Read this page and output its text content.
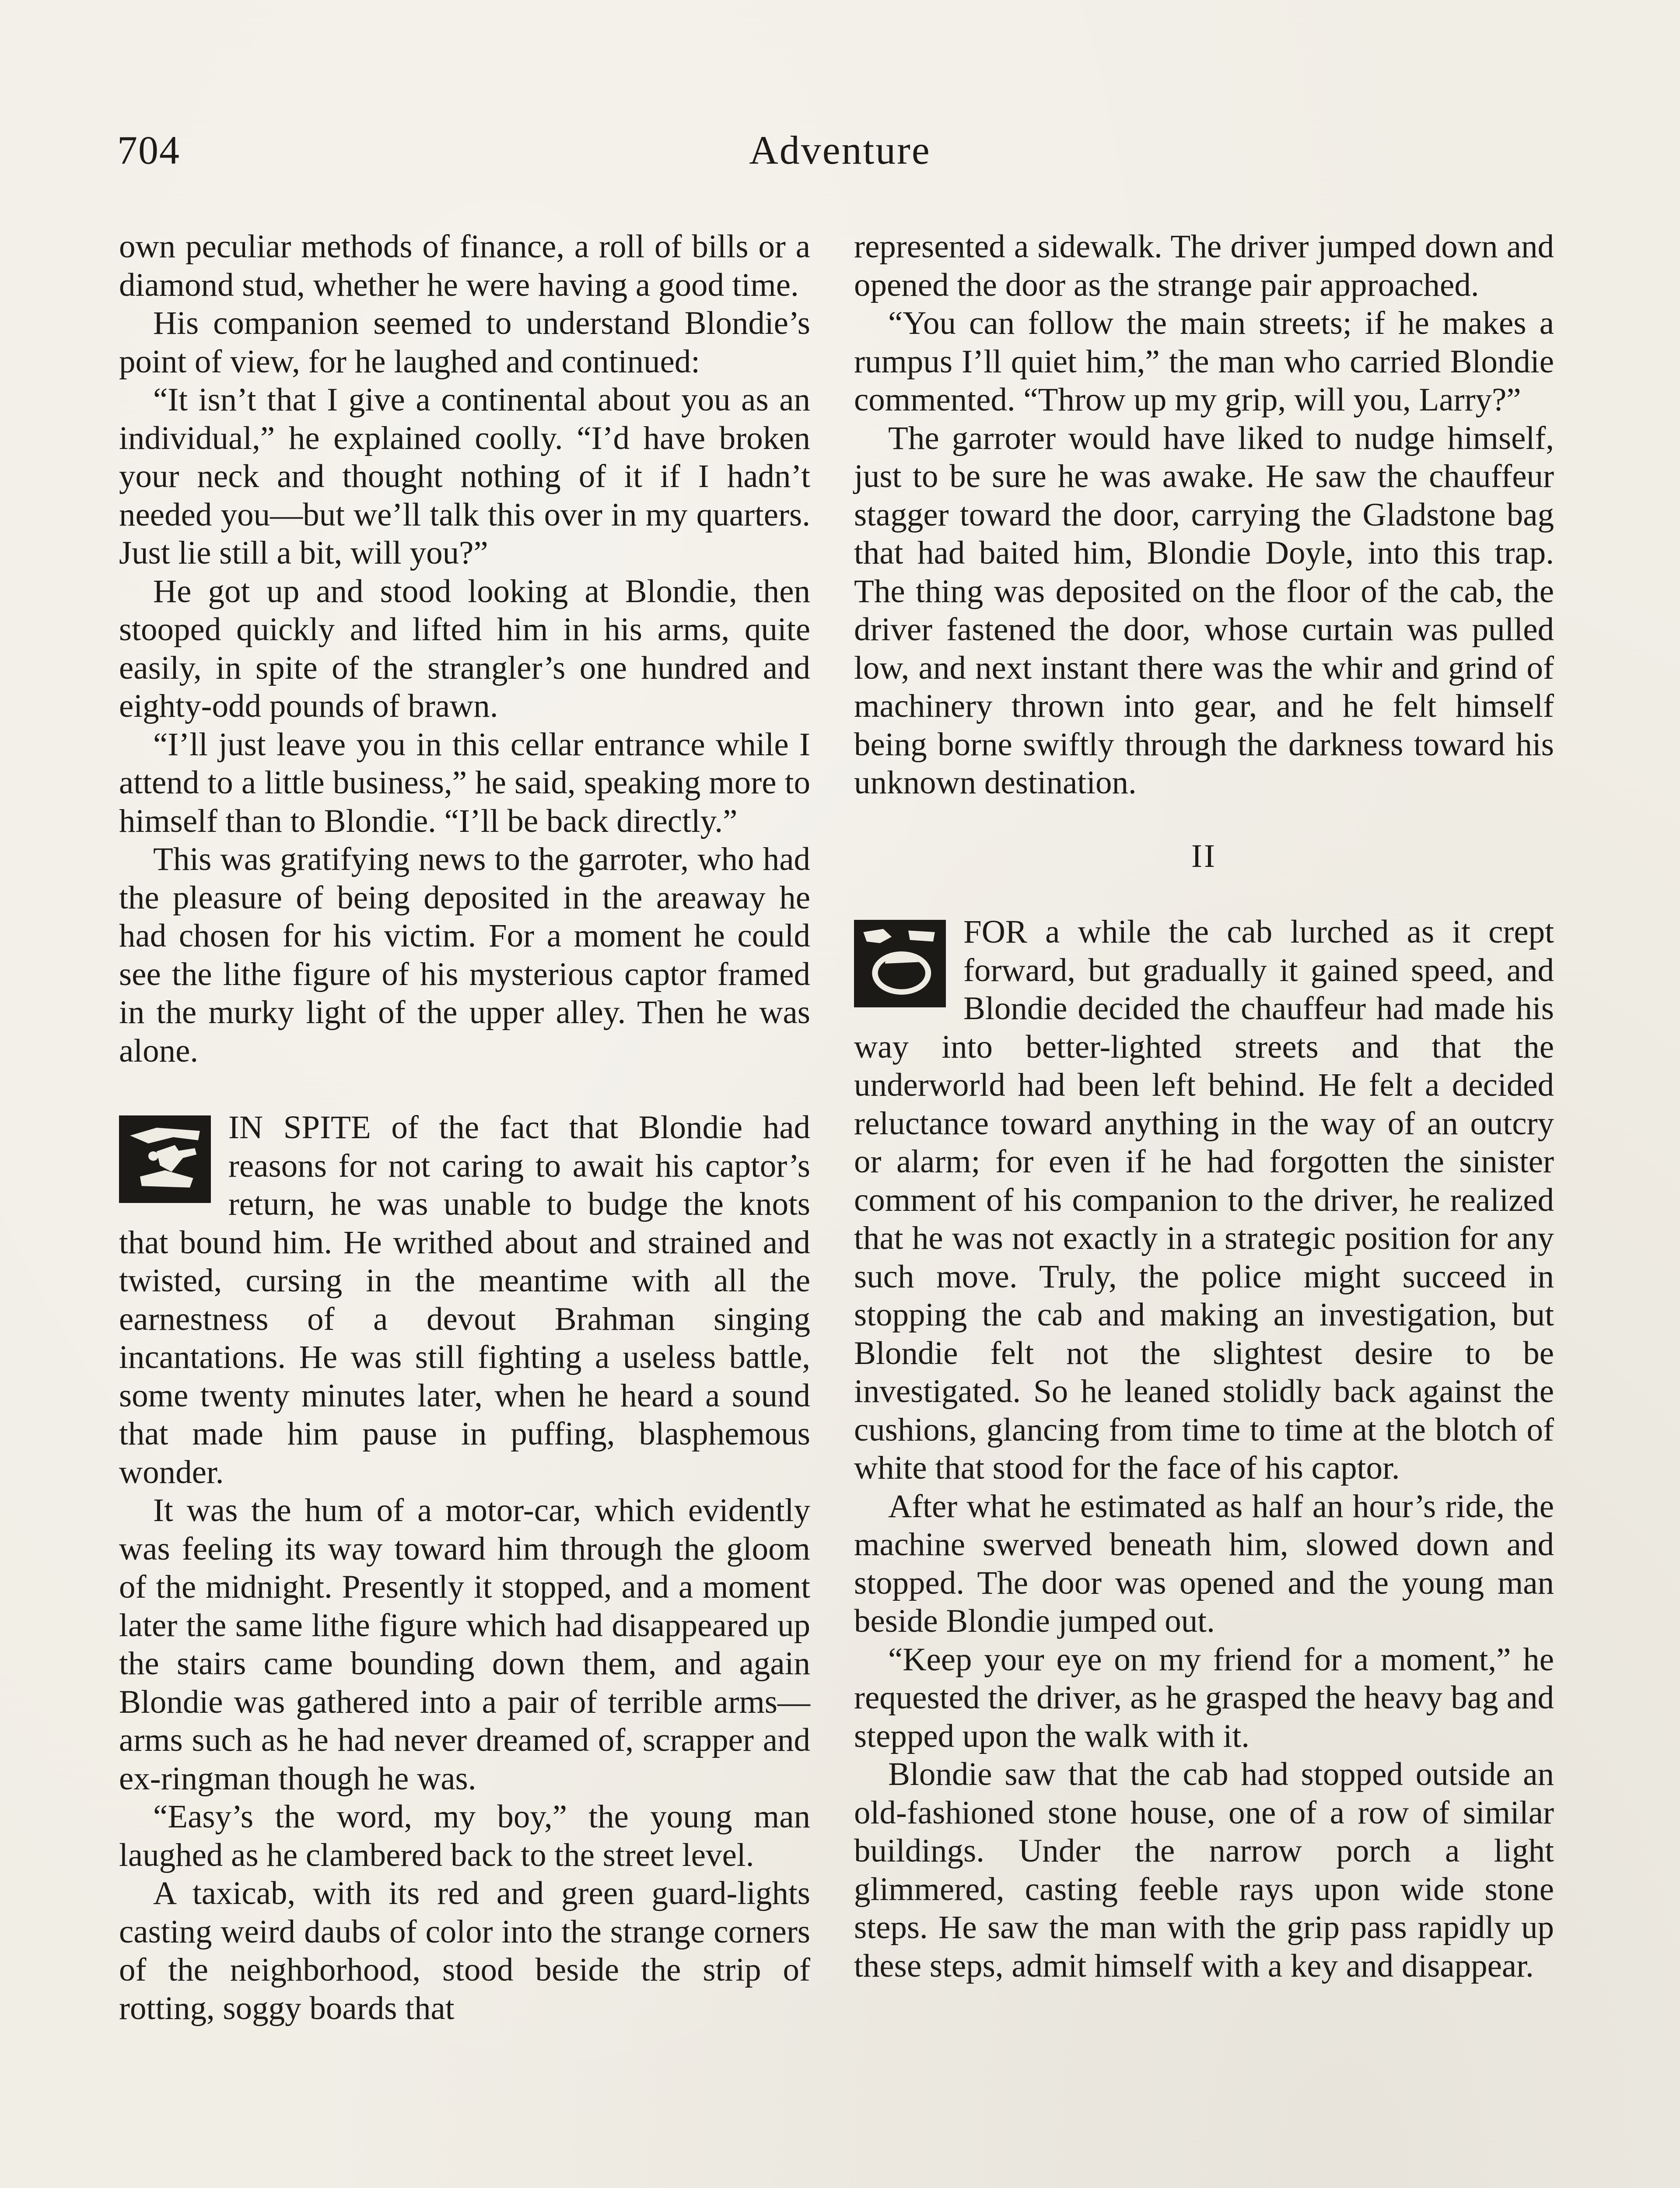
704	Adventure

own peculiar methods of finance, a roll of bills or a diamond stud, whether he were having a good time.

His companion seemed to understand Blondie’s point of view, for he laughed and continued:

“It isn’t that I give a continental about you as an individual,” he explained coolly. “I’d have broken your neck and thought nothing of it if I hadn’t needed you—but we’ll talk this over in my quarters. Just lie still a bit, will you?”

He got up and stood looking at Blondie, then stooped quickly and lifted him in his arms, quite easily, in spite of the strangler’s one hundred and eighty-odd pounds of brawn.

“I’ll just leave you in this cellar entrance while I attend to a little business,” he said, speaking more to himself than to Blondie. “I’ll be back directly.”

This was gratifying news to the garroter, who had the pleasure of being deposited in the areaway he had chosen for his victim. For a moment he could see the lithe figure of his mysterious captor framed in the murky light of the upper alley. Then he was alone.

IN SPITE of the fact that Blondie had reasons for not caring to await his captor’s return, he was unable to budge the knots that bound him. He writhed about and strained and twisted, cursing in the meantime with all the earnestness of a devout Brahman singing incantations. He was still fighting a useless battle, some twenty minutes later, when he heard a sound that made him pause in puffing, blasphemous wonder.

It was the hum of a motor-car, which evidently was feeling its way toward him through the gloom of the midnight. Presently it stopped, and a moment later the same lithe figure which had disappeared up the stairs came bounding down them, and again Blondie was gathered into a pair of terrible arms—arms such as he had never dreamed of, scrapper and ex-ringman though he was.

“Easy’s the word, my boy,” the young man laughed as he clambered back to the street level.

A taxicab, with its red and green guard-lights casting weird daubs of color into the strange corners of the neighborhood, stood beside the strip of rotting, soggy boards that

represented a sidewalk. The driver jumped down and opened the door as the strange pair approached.

“You can follow the main streets; if he makes a rumpus I’ll quiet him,” the man who carried Blondie commented. “Throw up my grip, will you, Larry?”

The garroter would have liked to nudge himself, just to be sure he was awake. He saw the chauffeur stagger toward the door, carrying the Gladstone bag that had baited him, Blondie Doyle, into this trap. The thing was deposited on the floor of the cab, the driver fastened the door, whose curtain was pulled low, and next instant there was the whir and grind of machinery thrown into gear, and he felt himself being borne swiftly through the darkness toward his unknown destination.

II

FOR a while the cab lurched as it crept forward, but gradually it gained speed, and Blondie decided the chauffeur had made his way into better-lighted streets and that the underworld had been left behind. He felt a decided reluctance toward anything in the way of an outcry or alarm; for even if he had forgotten the sinister comment of his companion to the driver, he realized that he was not exactly in a strategic position for any such move. Truly, the police might succeed in stopping the cab and making an investigation, but Blondie felt not the slightest desire to be investigated. So he leaned stolidly back against the cushions, glancing from time to time at the blotch of white that stood for the face of his captor.

After what he estimated as half an hour’s ride, the machine swerved beneath him, slowed down and stopped. The door was opened and the young man beside Blondie jumped out.

“Keep your eye on my friend for a moment,” he requested the driver, as he grasped the heavy bag and stepped upon the walk with it.

Blondie saw that the cab had stopped outside an old-fashioned stone house, one of a row of similar buildings. Under the narrow porch a light glimmered, casting feeble rays upon wide stone steps. He saw the man with the grip pass rapidly up these steps, admit himself with a key and disappear.
